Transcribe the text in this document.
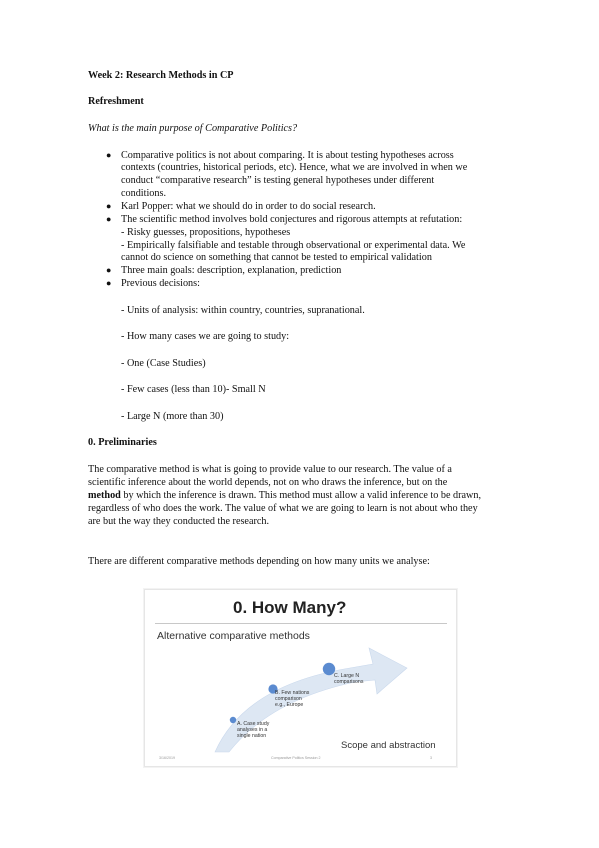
Week 2: Research Methods in CP
Refreshment
What is the main purpose of Comparative Politics?
● Comparative politics is not about comparing. It is about testing hypotheses across
contexts (countries, historical periods, etc). Hence, what we are involved in when we
conduct “comparative research” is testing general hypotheses under different
conditions.
● Karl Popper: what we should do in order to do social research.
● The scientific method involves bold conjectures and rigorous attempts at refutation:
- Risky guesses, propositions, hypotheses
- Empirically falsifiable and testable through observational or experimental data. We
cannot do science on something that cannot be tested to empirical validation
● Three main goals: description, explanation, prediction
● Previous decisions:
- Units of analysis: within country, countries, supranational.
- How many cases we are going to study:
- One (Case Studies)
- Few cases (less than 10)- Small N
- Large N (more than 30)
0. Preliminaries
The comparative method is what is going to provide value to our research. The value of a
scientific inference about the world depends, not on who draws the inference, but on the
method by which the inference is drawn. This method must allow a valid inference to be drawn,
regardless of who does the work. The value of what we are going to learn is not about who they
are but the way they conducted the research.
There are different comparative methods depending on how many units we analyse:
0. How Many?
Alternative comparative methods
A. Case study
analyses in a
single nation
B. Few nations
comparison
e.g., Europe
C. Large N
comparisons
Scope and abstraction
3/16/2019	Comparative Politics Session 2	3
